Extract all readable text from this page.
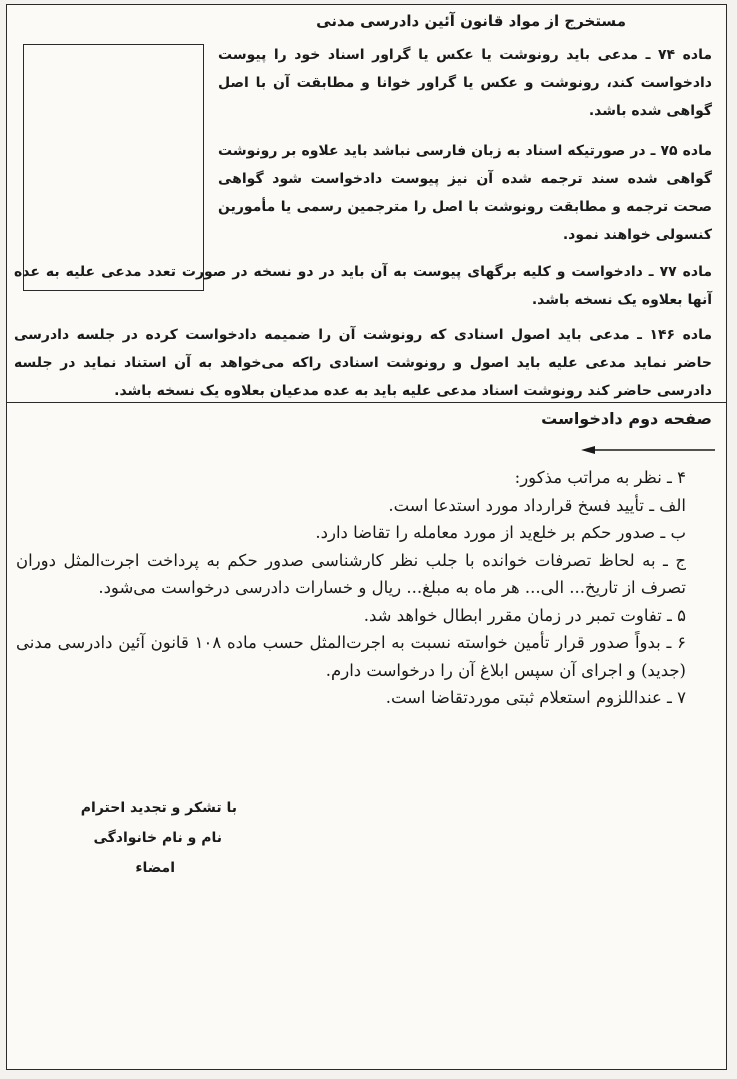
مستخرج از مواد قانون آئین دادرسی مدنی
ماده ۷۴ ـ مدعی باید رونوشت یا عکس یا گراور اسناد خود را پیوست دادخواست کند، رونوشت و عکس یا گراور خوانا و مطابقت آن با اصل گواهی شده باشد.
ماده ۷۵ ـ در صورتیکه اسناد به زبان فارسی نباشد باید علاوه بر رونوشت گواهی شده سند ترجمه شده آن نیز پیوست دادخواست شود گواهی صحت ترجمه و مطابقت رونوشت با اصل را مترجمین رسمی یا مأمورین کنسولی خواهند نمود.
ماده ۷۷ ـ دادخواست و کلیه برگهای پیوست به آن باید در دو نسخه در صورت تعدد مدعی علیه به عده آنها بعلاوه یک نسخه باشد.
ماده ۱۴۶ ـ مدعی باید اصول اسنادی که رونوشت آن را ضمیمه دادخواست کرده در جلسه دادرسی حاضر نماید مدعی علیه باید اصول و رونوشت اسنادی راکه می‌خواهد به آن استناد نماید در جلسه دادرسی حاضر کند رونوشت اسناد مدعی علیه باید به عده مدعیان بعلاوه یک نسخه باشد.
صفحه دوم دادخواست

۴ ـ نظر به مراتب مذکور:

الف ـ تأیید فسخ قرارداد مورد استدعا است.

ب ـ صدور حکم بر خلع‌ید از مورد معامله را تقاضا دارد.

ج ـ به لحاظ تصرفات خوانده با جلب نظر کارشناسی صدور حکم به پرداخت اجرت‌المثل دوران تصرف از تاریخ... الی... هر ماه به مبلغ... ریال و خسارات دادرسی درخواست می‌شود.

۵ ـ تفاوت تمبر در زمان مقرر ابطال خواهد شد.

۶ ـ بدواً صدور قرار تأمین خواسته نسبت به اجرت‌المثل حسب ماده ۱۰۸ قانون آئین دادرسی مدنی (جدید) و اجرای آن سپس ابلاغ آن را درخواست دارم.

۷ ـ عنداللزوم استعلام ثبتی موردتقاضا است.

با تشکر و تجدید احترام
نام و نام خانوادگی
امضاء
